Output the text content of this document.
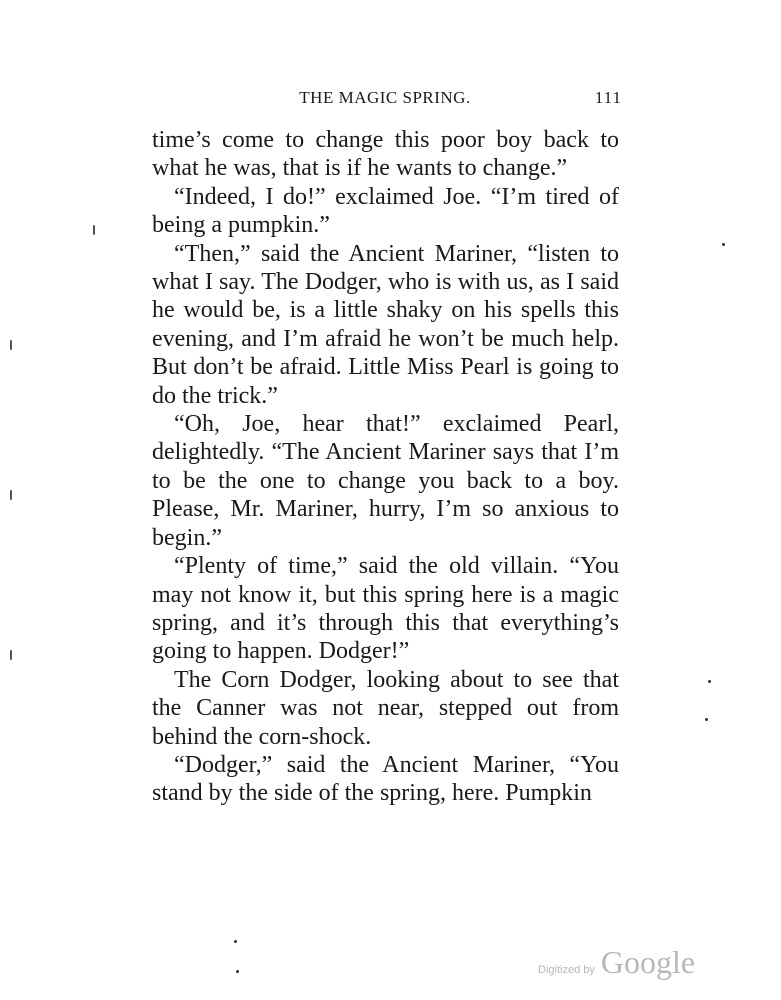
THE MAGIC SPRING.	111

time’s come to change this poor boy back to what he was, that is if he wants to change.”

“Indeed, I do!” exclaimed Joe. “I’m tired of being a pumpkin.”

“Then,” said the Ancient Mariner, “listen to what I say. The Dodger, who is with us, as I said he would be, is a little shaky on his spells this evening, and I’m afraid he won’t be much help. But don’t be afraid. Little Miss Pearl is going to do the trick.”

“Oh, Joe, hear that!” exclaimed Pearl, delightedly. “The Ancient Mariner says that I’m to be the one to change you back to a boy. Please, Mr. Mariner, hurry, I’m so anxious to begin.”

“Plenty of time,” said the old villain. “You may not know it, but this spring here is a magic spring, and it’s through this that everything’s going to happen. Dodger!”

The Corn Dodger, looking about to see that the Canner was not near, stepped out from behind the corn-shock.

“Dodger,” said the Ancient Mariner, “You stand by the side of the spring, here. Pumpkin

Digitized by Google
